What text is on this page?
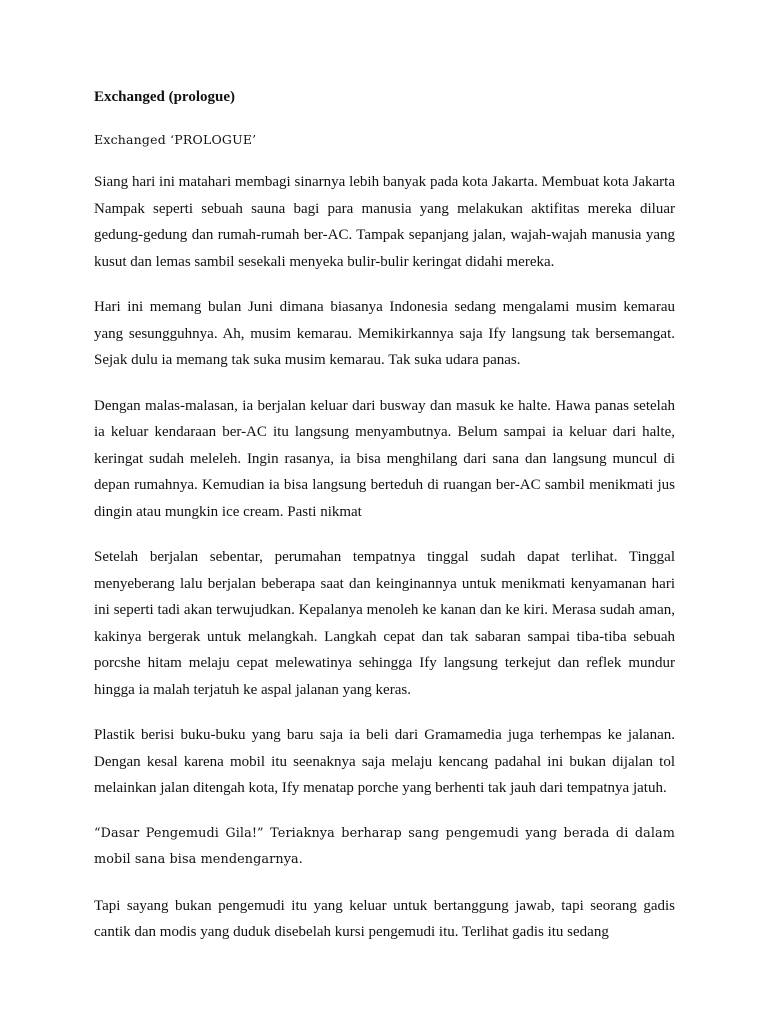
Exchanged (prologue)
Exchanged ‘PROLOGUE’

Siang hari ini matahari membagi sinarnya lebih banyak pada kota Jakarta. Membuat kota Jakarta Nampak seperti sebuah sauna bagi para manusia yang melakukan aktifitas mereka diluar gedung-gedung dan rumah-rumah ber-AC. Tampak sepanjang jalan, wajah-wajah manusia yang kusut dan lemas sambil sesekali menyeka bulir-bulir keringat didahi mereka.

Hari ini memang bulan Juni dimana biasanya Indonesia sedang mengalami musim kemarau yang sesungguhnya. Ah, musim kemarau. Memikirkannya saja Ify langsung tak bersemangat. Sejak dulu ia memang tak suka musim kemarau. Tak suka udara panas.

Dengan malas-malasan, ia berjalan keluar dari busway dan masuk ke halte. Hawa panas setelah ia keluar kendaraan ber-AC itu langsung menyambutnya. Belum sampai ia keluar dari halte, keringat sudah meleleh. Ingin rasanya, ia bisa menghilang dari sana dan langsung muncul di depan rumahnya. Kemudian ia bisa langsung berteduh di ruangan ber-AC sambil menikmati jus dingin atau mungkin ice cream. Pasti nikmat

Setelah berjalan sebentar, perumahan tempatnya tinggal sudah dapat terlihat. Tinggal menyeberang lalu berjalan beberapa saat dan keinginannya untuk menikmati kenyamanan hari ini seperti tadi akan terwujudkan. Kepalanya menoleh ke kanan dan ke kiri. Merasa sudah aman, kakinya bergerak untuk melangkah. Langkah cepat dan tak sabaran sampai tiba-tiba sebuah porcshe hitam melaju cepat melewatinya sehingga Ify langsung terkejut dan reflek mundur hingga ia malah terjatuh ke aspal jalanan yang keras.

Plastik berisi buku-buku yang baru saja ia beli dari Gramamedia juga terhempas ke jalanan. Dengan kesal karena mobil itu seenaknya saja melaju kencang padahal ini bukan dijalan tol melainkan jalan ditengah kota, Ify menatap porche yang berhenti tak jauh dari tempatnya jatuh.

“Dasar Pengemudi Gila!” Teriaknya berharap sang pengemudi yang berada di dalam mobil sana bisa mendengarnya.

Tapi sayang bukan pengemudi itu yang keluar untuk bertanggung jawab, tapi seorang gadis cantik dan modis yang duduk disebelah kursi pengemudi itu. Terlihat gadis itu sedang
